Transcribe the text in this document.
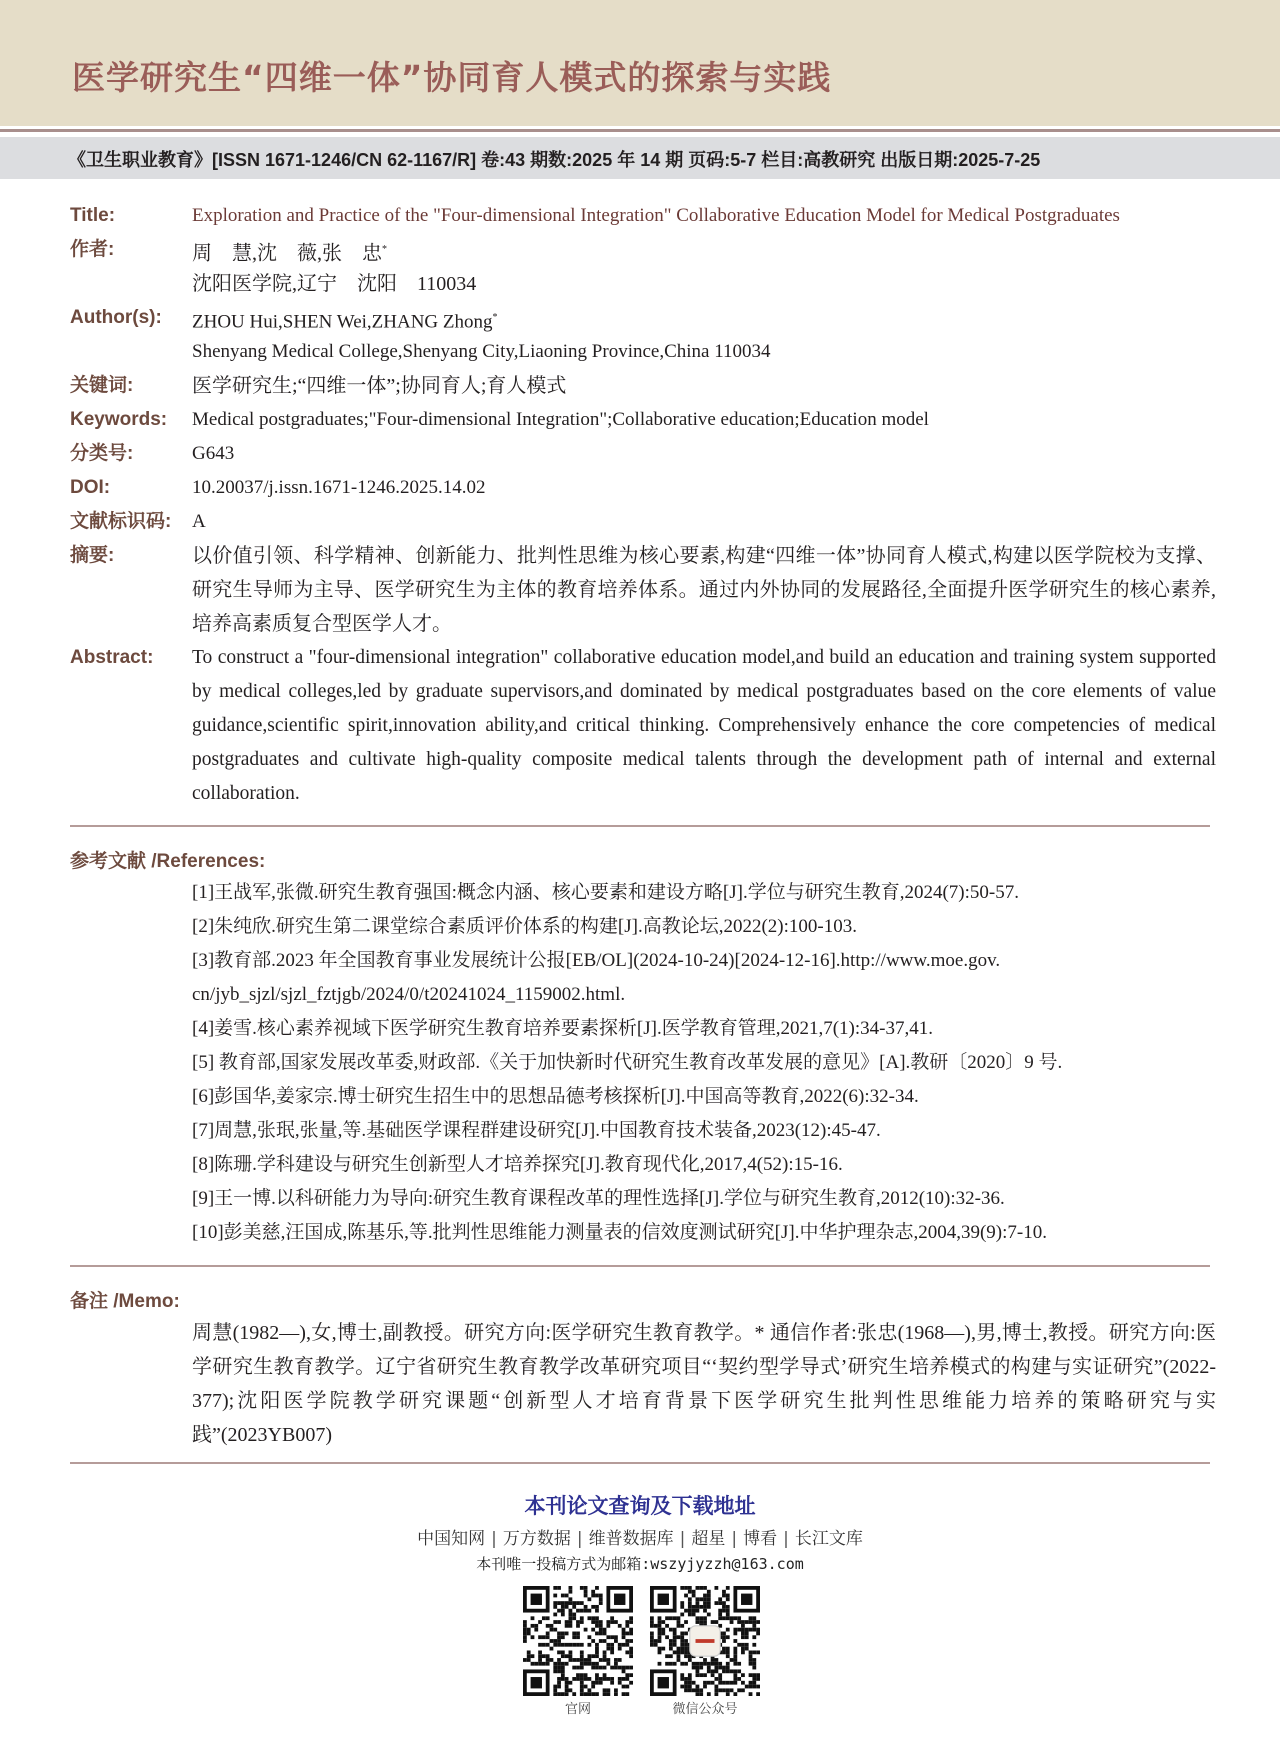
医学研究生“四维一体”协同育人模式的探索与实践
《卫生职业教育》[ISSN 1671-1246/CN 62-1167/R] 卷:43 期数:2025 年 14 期 页码:5-7 栏目:高教研究 出版日期:2025-7-25
Title:	Exploration and Practice of the "Four-dimensional Integration" Collaborative Education Model for Medical Postgraduates
作者:	周　慧,沈　薇,张　忠*
沈阳医学院,辽宁　沈阳　110034
Author(s): ZHOU Hui,SHEN Wei,ZHANG Zhong*
Shenyang Medical College,Shenyang City,Liaoning Province,China 110034
关键词:	医学研究生;“四维一体”;协同育人;育人模式
Keywords: Medical postgraduates;"Four-dimensional Integration";Collaborative education;Education model
分类号:	G643
DOI:	10.20037/j.issn.1671-1246.2025.14.02
文献标识码: A
摘要:	以价值引领、科学精神、创新能力、批判性思维为核心要素,构建“四维一体”协同育人模式,构建以医学院校为支撑、研究生导师为主导、医学研究生为主体的教育培养体系。通过内外协同的发展路径,全面提升医学研究生的核心素养,培养高素质复合型医学人才。
Abstract: To construct a "four-dimensional integration" collaborative education model,and build an education and training system supported by medical colleges,led by graduate supervisors,and dominated by medical postgraduates based on the core elements of value guidance,scientific spirit,innovation ability,and critical thinking. Comprehensively enhance the core competencies of medical postgraduates and cultivate high-quality composite medical talents through the development path of internal and external collaboration.
参考文献 /References:
[1]王战军,张微.研究生教育强国:概念内涵、核心要素和建设方略[J].学位与研究生教育,2024(7):50-57.
[2]朱纯欣.研究生第二课堂综合素质评价体系的构建[J].高教论坛,2022(2):100-103.
[3]教育部.2023 年全国教育事业发展统计公报[EB/OL](2024-10-24)[2024-12-16].http://www.moe.gov.
cn/jyb_sjzl/sjzl_fztjgb/2024/0/t20241024_1159002.html.
[4]姜雪.核心素养视域下医学研究生教育培养要素探析[J].医学教育管理,2021,7(1):34-37,41.
[5] 教育部,国家发展改革委,财政部.《关于加快新时代研究生教育改革发展的意见》[A].教研〔2020〕9 号.
[6]彭国华,姜家宗.博士研究生招生中的思想品德考核探析[J].中国高等教育,2022(6):32-34.
[7]周慧,张珉,张量,等.基础医学课程群建设研究[J].中国教育技术装备,2023(12):45-47.
[8]陈珊.学科建设与研究生创新型人才培养探究[J].教育现代化,2017,4(52):15-16.
[9]王一博.以科研能力为导向:研究生教育课程改革的理性选择[J].学位与研究生教育,2012(10):32-36.
[10]彭美慈,汪国成,陈基乐,等.批判性思维能力测量表的信效度测试研究[J].中华护理杂志,2004,39(9):7-10.
备注 /Memo:
周慧(1982—),女,博士,副教授。研究方向:医学研究生教育教学。* 通信作者:张忠(1968—),男,博士,教授。研究方向:医学研究生教育教学。辽宁省研究生教育教学改革研究项目“‘契约型学导式’研究生培养模式的构建与实证研究”(2022-377);沈阳医学院教学研究课题“创新型人才培育背景下医学研究生批判性思维能力培养的策略研究与实践”(2023YB007)
本刊论文查询及下载地址
中国知网 | 万方数据 | 维普数据库 | 超星 | 博看 | 长江文库
本刊唯一投稿方式为邮箱:wszyjyzzh@163.com
官网	微信公众号
